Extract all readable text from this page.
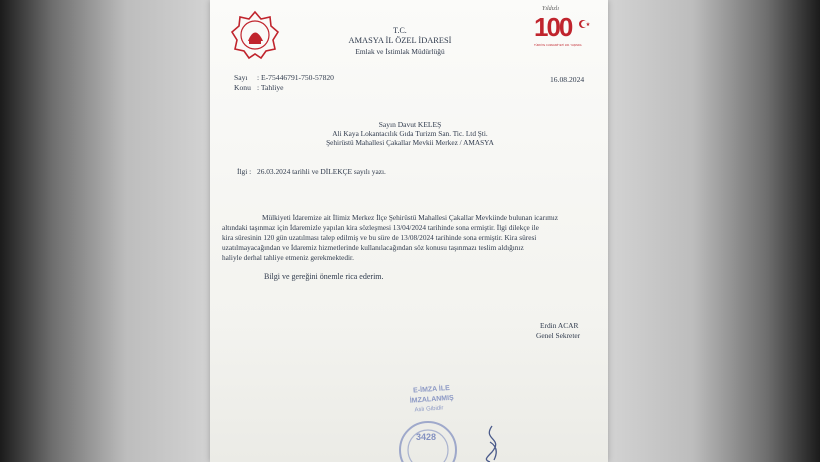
T.C.
AMASYA İL ÖZEL İDARESİ
Emlak ve İstimlak Müdürlüğü
Yıldızlı
100
TÜRKİYE CUMHURİYETİ 100. YAŞINDA
Sayı : E-75446791-750-57820
Konu : Tahliye
16.08.2024
Sayın Davut KELEŞ
Ali Kaya Lokantacılık Gıda Turizm San. Tic. Ltd Şti.
Şehirüstü Mahallesi Çakallar Mevkii Merkez / AMASYA
İlgi : 26.03.2024 tarihli ve DİLEKÇE sayılı yazı.
Mülkiyeti İdaremize ait İlimiz Merkez İlçe Şehirüstü Mahallesi Çakallar Mevkiinde bulunan icarımız
altındaki taşınmaz için İdaremizle yapılan kira sözleşmesi 13/04/2024 tarihinde sona ermiştir. İlgi dilekçe ile
kira süresinin 120 gün uzatılması talep edilmiş ve bu süre de 13/08/2024 tarihinde sona ermiştir. Kira süresi
uzatılmayacağından ve İdaremiz hizmetlerinde kullanılacağından söz konusu taşınmazı teslim aldığınız
haliyle derhal tahliye etmeniz gerekmektedir.
Bilgi ve gereğini önemle rica ederim.
Erdin ACAR
Genel Sekreter
E-İMZA İLE
İMZALANMIŞ
Aslı Gibidir
3428
